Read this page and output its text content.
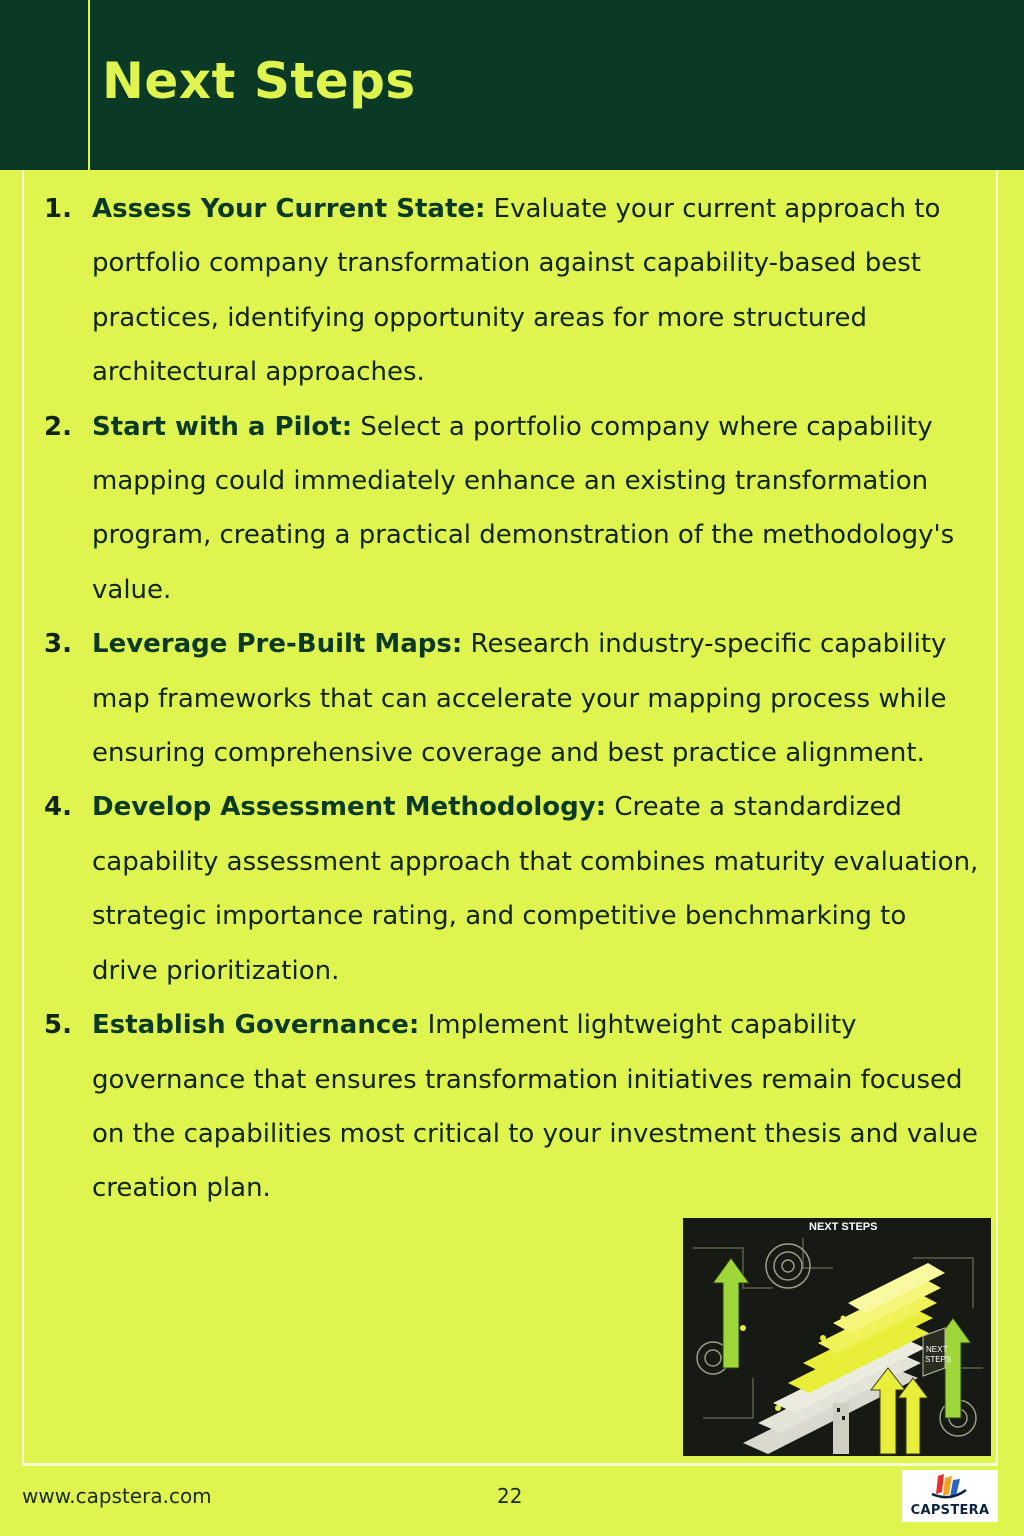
Next Steps
1. Assess Your Current State: Evaluate your current approach to portfolio company transformation against capability-based best practices, identifying opportunity areas for more structured architectural approaches.
2. Start with a Pilot: Select a portfolio company where capability mapping could immediately enhance an existing transformation program, creating a practical demonstration of the methodology's value.
3. Leverage Pre-Built Maps: Research industry-specific capability map frameworks that can accelerate your mapping process while ensuring comprehensive coverage and best practice alignment.
4. Develop Assessment Methodology: Create a standardized capability assessment approach that combines maturity evaluation, strategic importance rating, and competitive benchmarking to drive prioritization.
5. Establish Governance: Implement lightweight capability governance that ensures transformation initiatives remain focused on the capabilities most critical to your investment thesis and value creation plan.
NEXT STEPS
NEXT
STEPS
www.capstera.com	22
CAPSTERA
